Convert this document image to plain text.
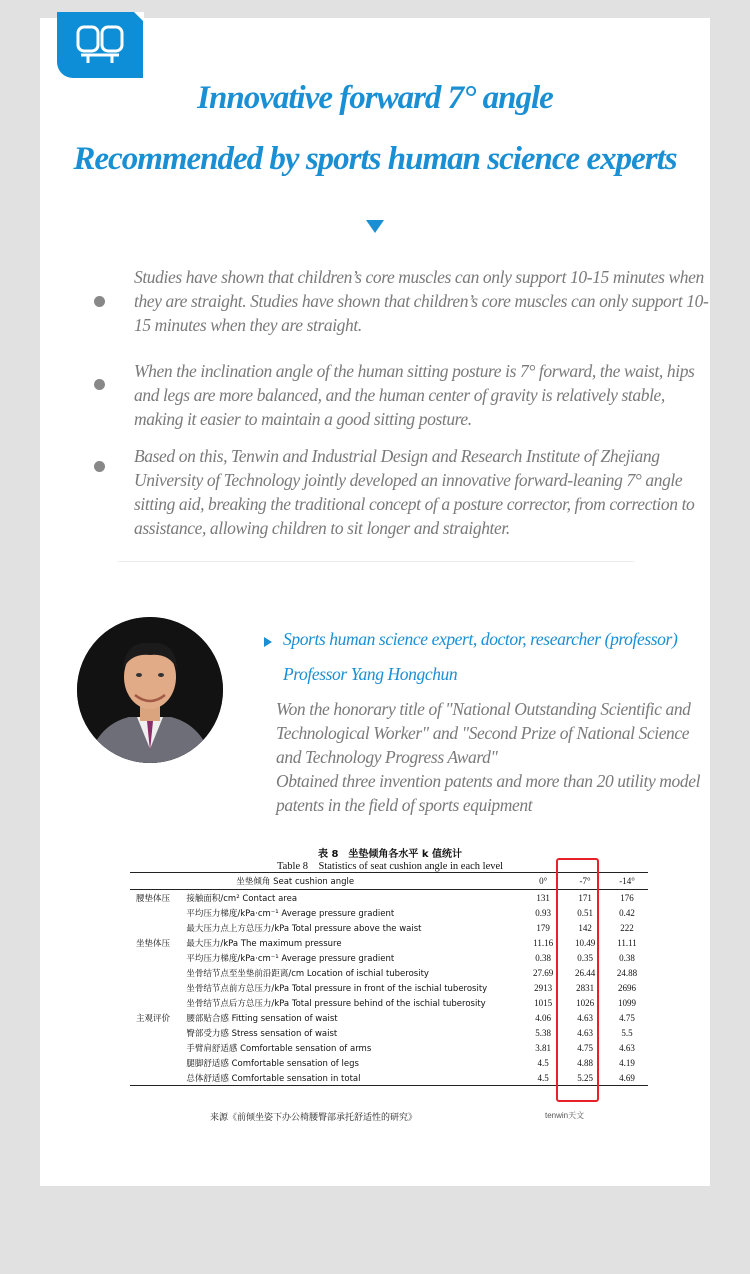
Innovative forward 7° angle
Recommended by sports human science experts
Studies have shown that children’s core muscles can only support 10-15 minutes when they are straight. Studies have shown that children’s core muscles can only support 10-15 minutes when they are straight.
When the inclination angle of the human sitting posture is 7° forward, the waist, hips and legs are more balanced, and the human center of gravity is relatively stable, making it easier to maintain a good sitting posture.
Based on this, Tenwin and Industrial Design and Research Institute of Zhejiang University of Technology jointly developed an innovative forward-leaning 7° angle sitting aid, breaking the traditional concept of a posture corrector, from correction to assistance, allowing children to sit longer and straighter.
Sports human science expert, doctor, researcher (professor)
Professor Yang Hongchun
Won the honorary title of "National Outstanding Scientific and Technological Worker" and "Second Prize of National Science and Technology Progress Award"
Obtained three invention patents and more than 20 utility model patents in the field of sports equipment
表 8　坐垫倾角各水平 k 值统计
Table 8　Statistics of seat cushion angle in each level
	坐垫倾角 Seat cushion angle	0°	-7°	-14°
腰垫体压	接触面积/cm² Contact area	131	171	176
	平均压力梯度/kPa·cm⁻¹ Average pressure gradient	0.93	0.51	0.42
	最大压力点上方总压力/kPa Total pressure above the waist	179	142	222
坐垫体压	最大压力/kPa The maximum pressure	11.16	10.49	11.11
	平均压力梯度/kPa·cm⁻¹ Average pressure gradient	0.38	0.35	0.38
	坐骨结节点至坐垫前沿距离/cm Location of ischial tuberosity	27.69	26.44	24.88
	坐骨结节点前方总压力/kPa Total pressure in front of the ischial tuberosity	2913	2831	2696
	坐骨结节点后方总压力/kPa Total pressure behind of the ischial tuberosity	1015	1026	1099
主观评价	腰部贴合感 Fitting sensation of waist	4.06	4.63	4.75
	臀部受力感 Stress sensation of waist	5.38	4.63	5.5
	手臂肩舒适感 Comfortable sensation of arms	3.81	4.75	4.63
	腿脚舒适感 Comfortable sensation of legs	4.5	4.88	4.19
	总体舒适感 Comfortable sensation in total	4.5	5.25	4.69
来源《前倾坐姿下办公椅腰臀部承托舒适性的研究》	tenwin天文
